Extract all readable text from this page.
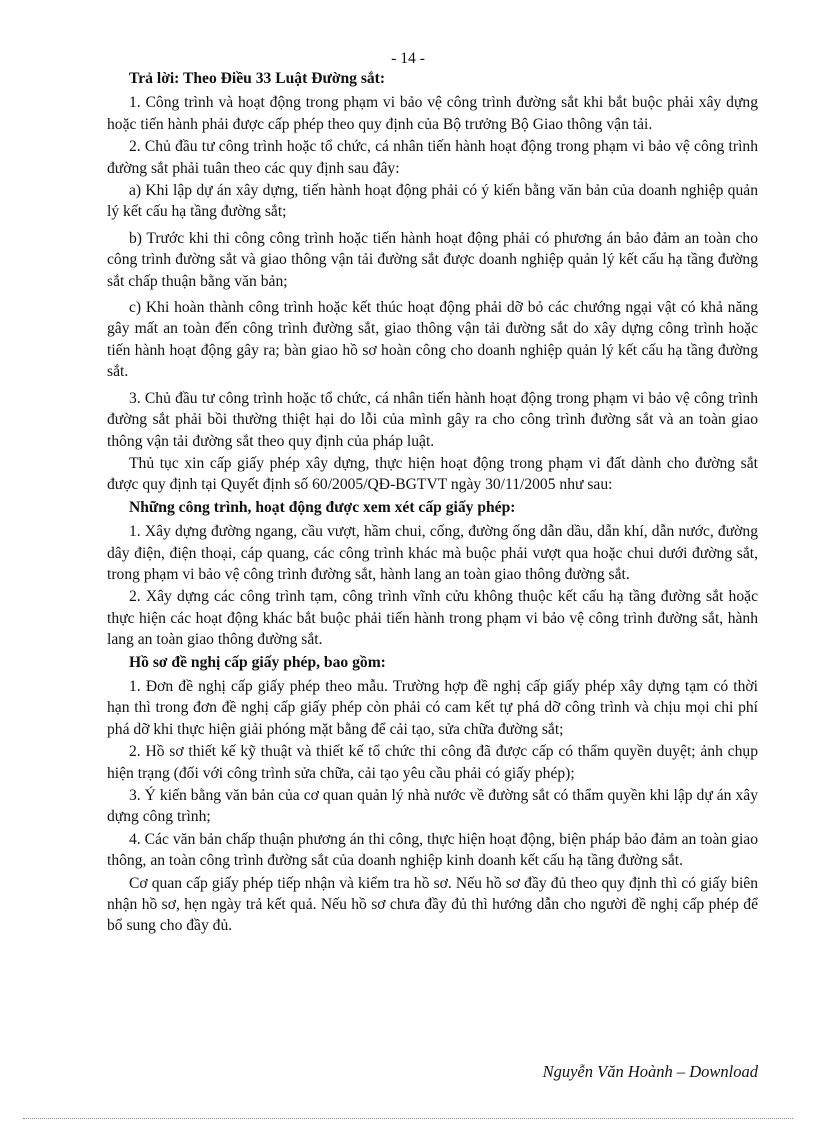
- 14 -

Trả lời: Theo Điều 33 Luật Đường sắt:

1. Công trình và hoạt động trong phạm vi bảo vệ công trình đường sắt khi bắt buộc phải xây dựng hoặc tiến hành phải được cấp phép theo quy định của Bộ trưởng Bộ Giao thông vận tải.

2. Chủ đầu tư công trình hoặc tổ chức, cá nhân tiến hành hoạt động trong phạm vi bảo vệ công trình đường sắt phải tuân theo các quy định sau đây:

a) Khi lập dự án xây dựng, tiến hành hoạt động phải có ý kiến bằng văn bản của doanh nghiệp quản lý kết cấu hạ tầng đường sắt;

b) Trước khi thi công công trình hoặc tiến hành hoạt động phải có phương án bảo đảm an toàn cho công trình đường sắt và giao thông vận tải đường sắt được doanh nghiệp quản lý kết cấu hạ tầng đường sắt chấp thuận bằng văn bản;

c) Khi hoàn thành công trình hoặc kết thúc hoạt động phải dỡ bỏ các chướng ngại vật có khả năng gây mất an toàn đến công trình đường sắt, giao thông vận tải đường sắt do xây dựng công trình hoặc tiến hành hoạt động gây ra; bàn giao hồ sơ hoàn công cho doanh nghiệp quản lý kết cấu hạ tầng đường sắt.

3. Chủ đầu tư công trình hoặc tổ chức, cá nhân tiến hành hoạt động trong phạm vi bảo vệ công trình đường sắt phải bồi thường thiệt hại do lỗi của mình gây ra cho công trình đường sắt và an toàn giao thông vận tải đường sắt theo quy định của pháp luật.

Thủ tục xin cấp giấy phép xây dựng, thực hiện hoạt động trong phạm vi đất dành cho đường sắt được quy định tại Quyết định số 60/2005/QĐ-BGTVT ngày 30/11/2005 như sau:

Những công trình, hoạt động được xem xét cấp giấy phép:

1. Xây dựng đường ngang, cầu vượt, hầm chui, cống, đường ống dẫn dầu, dẫn khí, dẫn nước, đường dây điện, điện thoại, cáp quang, các công trình khác mà buộc phải vượt qua hoặc chui dưới đường sắt, trong phạm vi bảo vệ công trình đường sắt, hành lang an toàn giao thông đường sắt.

2. Xây dựng các công trình tạm, công trình vĩnh cửu không thuộc kết cấu hạ tầng đường sắt hoặc thực hiện các hoạt động khác bắt buộc phải tiến hành trong phạm vi bảo vệ công trình đường sắt, hành lang an toàn giao thông đường sắt.

Hồ sơ đề nghị cấp giấy phép, bao gồm:

1. Đơn đề nghị cấp giấy phép theo mẫu. Trường hợp đề nghị cấp giấy phép xây dựng tạm có thời hạn thì trong đơn đề nghị cấp giấy phép còn phải có cam kết tự phá dỡ công trình và chịu mọi chi phí phá dỡ khi thực hiện giải phóng mặt bằng để cải tạo, sửa chữa đường sắt;

2. Hồ sơ thiết kế kỹ thuật và thiết kế tổ chức thi công đã được cấp có thẩm quyền duyệt; ảnh chụp hiện trạng (đối với công trình sửa chữa, cải tạo yêu cầu phải có giấy phép);

3. Ý kiến bằng văn bản của cơ quan quản lý nhà nước về đường sắt có thẩm quyền khi lập dự án xây dựng công trình;

4. Các văn bản chấp thuận phương án thi công, thực hiện hoạt động, biện pháp bảo đảm an toàn giao thông, an toàn công trình đường sắt của doanh nghiệp kinh doanh kết cấu hạ tầng đường sắt.

Cơ quan cấp giấy phép tiếp nhận và kiểm tra hồ sơ. Nếu hồ sơ đầy đủ theo quy định thì có giấy biên nhận hồ sơ, hẹn ngày trả kết quả. Nếu hồ sơ chưa đầy đủ thì hướng dẫn cho người đề nghị cấp phép để bổ sung cho đầy đủ.

Nguyễn Văn Hoành – Download
